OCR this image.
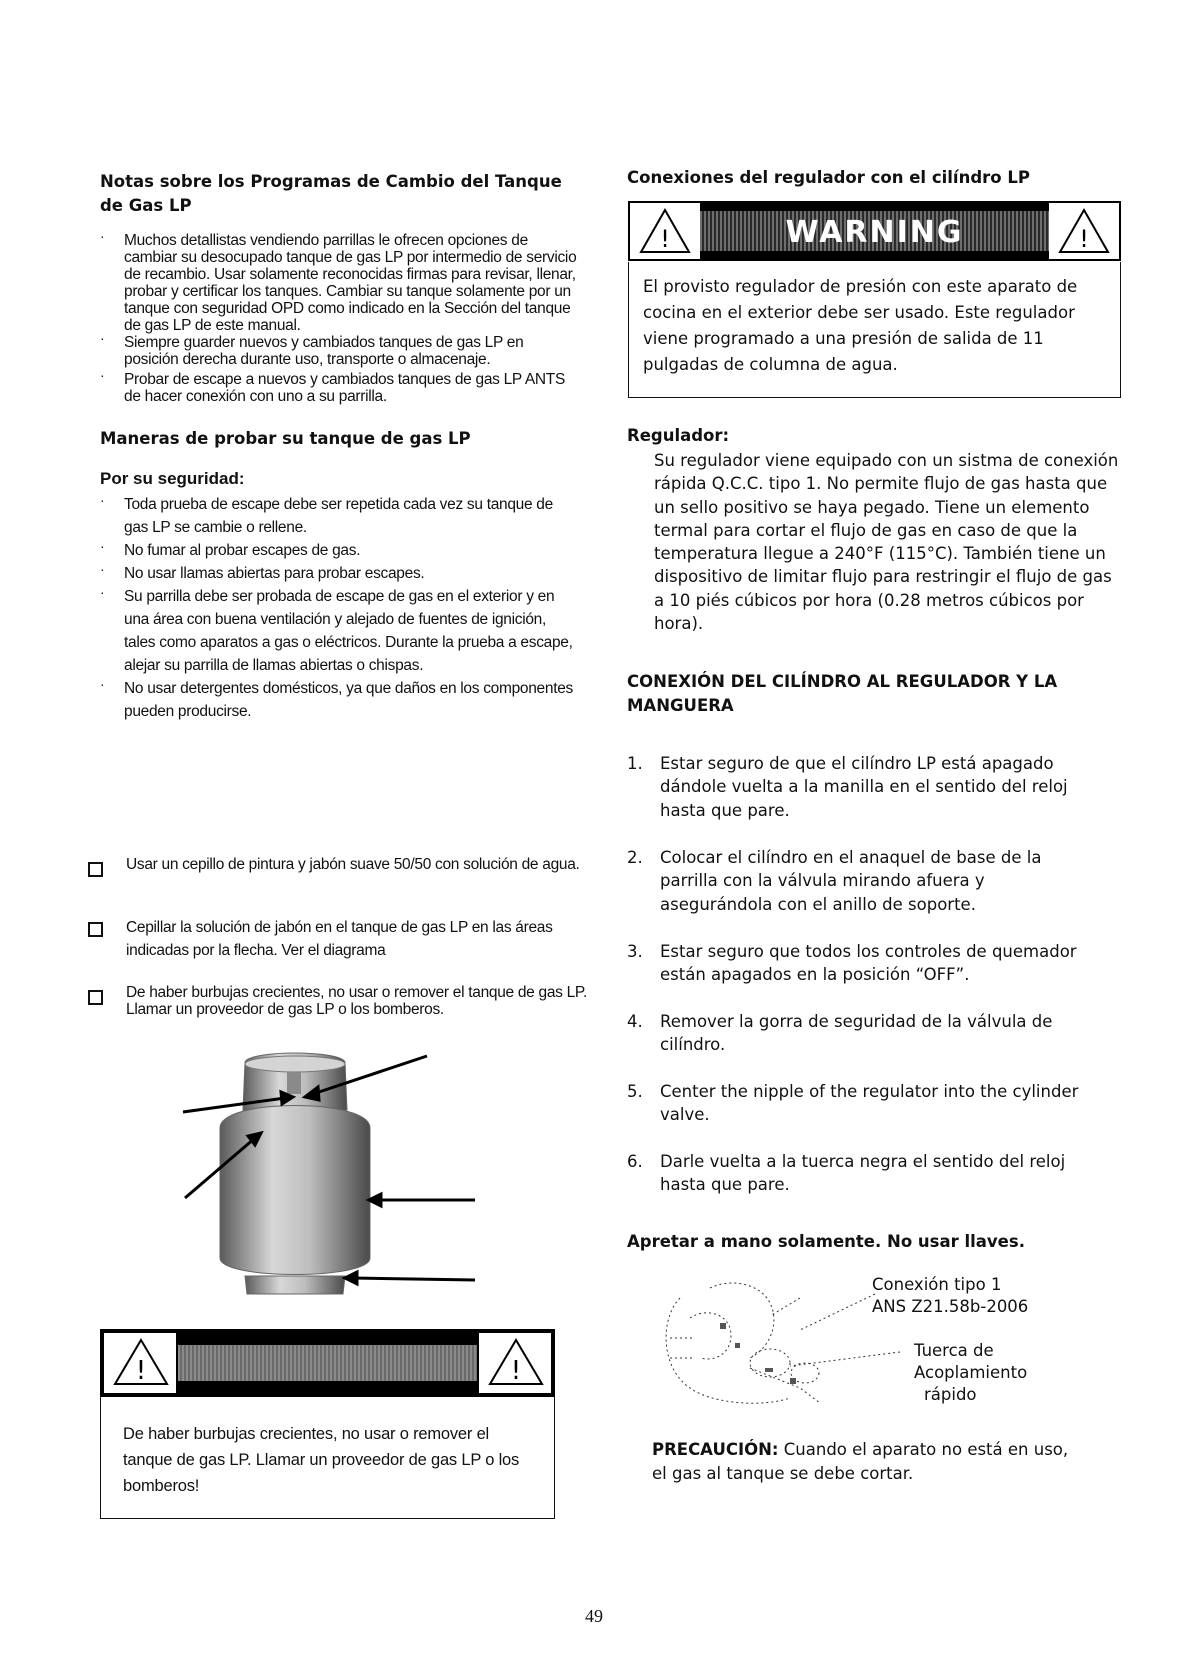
Notas sobre los Programas de Cambio del Tanque de Gas LP

· Muchos detallistas vendiendo parrillas le ofrecen opciones de cambiar su desocupado tanque de gas LP por intermedio de servicio de recambio. Usar solamente reconocidas firmas para revisar, llenar, probar y certificar los tanques. Cambiar su tanque solamente por un tanque con seguridad OPD como indicado en la Sección del tanque de gas LP de este manual.

· Siempre guarder nuevos y cambiados tanques de gas LP en posición derecha durante uso, transporte o almacenaje.

· Probar de escape a nuevos y cambiados tanques de gas LP ANTS de hacer conexión con uno a su parrilla.

Maneras de probar su tanque de gas LP

Por su seguridad:

· Toda prueba de escape debe ser repetida cada vez su tanque de gas LP se cambie o rellene.

· No fumar al probar escapes de gas.

· No usar llamas abiertas para probar escapes.

· Su parrilla debe ser probada de escape de gas en el exterior y en una área con buena ventilación y alejado de fuentes de ignición, tales como aparatos a gas o eléctricos. Durante la prueba a escape, alejar su parrilla de llamas abiertas o chispas.

· No usar detergentes domésticos, ya que daños en los componentes pueden producirse.

Usar un cepillo de pintura y jabón suave 50/50 con solución de agua.
Cepillar la solución de jabón en el tanque de gas LP en las áreas indicadas por la flecha. Ver el diagrama
De haber burbujas crecientes, no usar o remover el tanque de gas LP. Llamar un proveedor de gas LP o los bomberos.
!	!

De haber burbujas crecientes, no usar o remover el tanque de gas LP. Llamar un proveedor de gas LP o los bomberos!

Conexiones del regulador con el cilíndro LP

WARNING
!	!

El provisto regulador de presión con este aparato de cocina en el exterior debe ser usado. Este regulador viene programado a una presión de salida de 11 pulgadas de columna de agua.

Regulador:

Su regulador viene equipado con un sistma de conexión rápida Q.C.C. tipo 1. No permite flujo de gas hasta que un sello positivo se haya pegado. Tiene un elemento termal para cortar el flujo de gas en caso de que la temperatura llegue a 240°F (115°C). También tiene un dispositivo de limitar flujo para restringir el flujo de gas a 10 piés cúbicos por hora (0.28 metros cúbicos por hora).

CONEXIÓN DEL CILÍNDRO AL REGULADOR Y LA MANGUERA

1. Estar seguro de que el cilíndro LP está apagado dándole vuelta a la manilla en el sentido del reloj hasta que pare.
2. Colocar el cilíndro en el anaquel de base de la parrilla con la válvula mirando afuera y asegurándola con el anillo de soporte.
3. Estar seguro que todos los controles de quemador están apagados en la posición “OFF”.
4. Remover la gorra de seguridad de la válvula de cilíndro.
5. Center the nipple of the regulator into the cylinder valve.
6. Darle vuelta a la tuerca negra el sentido del reloj hasta que pare.

Apretar a mano solamente. No usar llaves.

Conexión tipo 1
ANS Z21.58b-2006
Tuerca de
Acoplamiento
rápido

PRECAUCIÓN: Cuando el aparato no está en uso, el gas al tanque se debe cortar.

49
